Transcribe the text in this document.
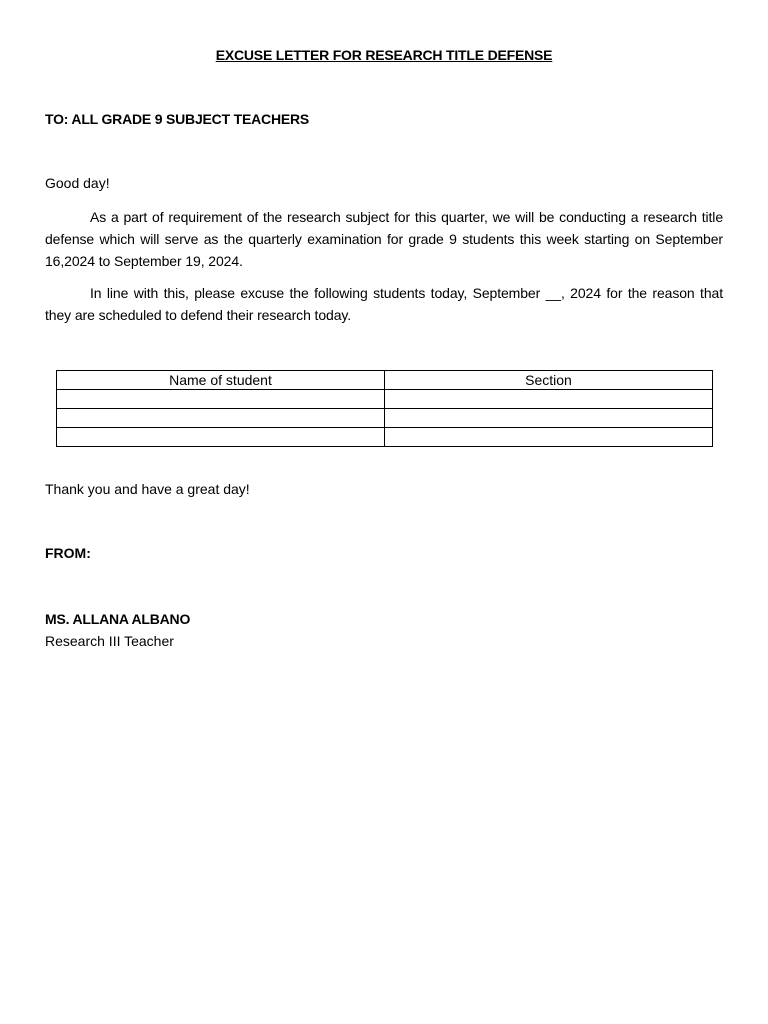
EXCUSE LETTER FOR RESEARCH TITLE DEFENSE
TO: ALL GRADE 9 SUBJECT TEACHERS
Good day!

As a part of requirement of the research subject for this quarter, we will be conducting a research title defense which will serve as the quarterly examination for grade 9 students this week starting on September 16,2024 to September 19, 2024.

In line with this, please excuse the following students today, September __, 2024 for the reason that they are scheduled to defend their research today.

Name of student	Section

Thank you and have a great day!
FROM:
MS. ALLANA ALBANO
Research III Teacher
